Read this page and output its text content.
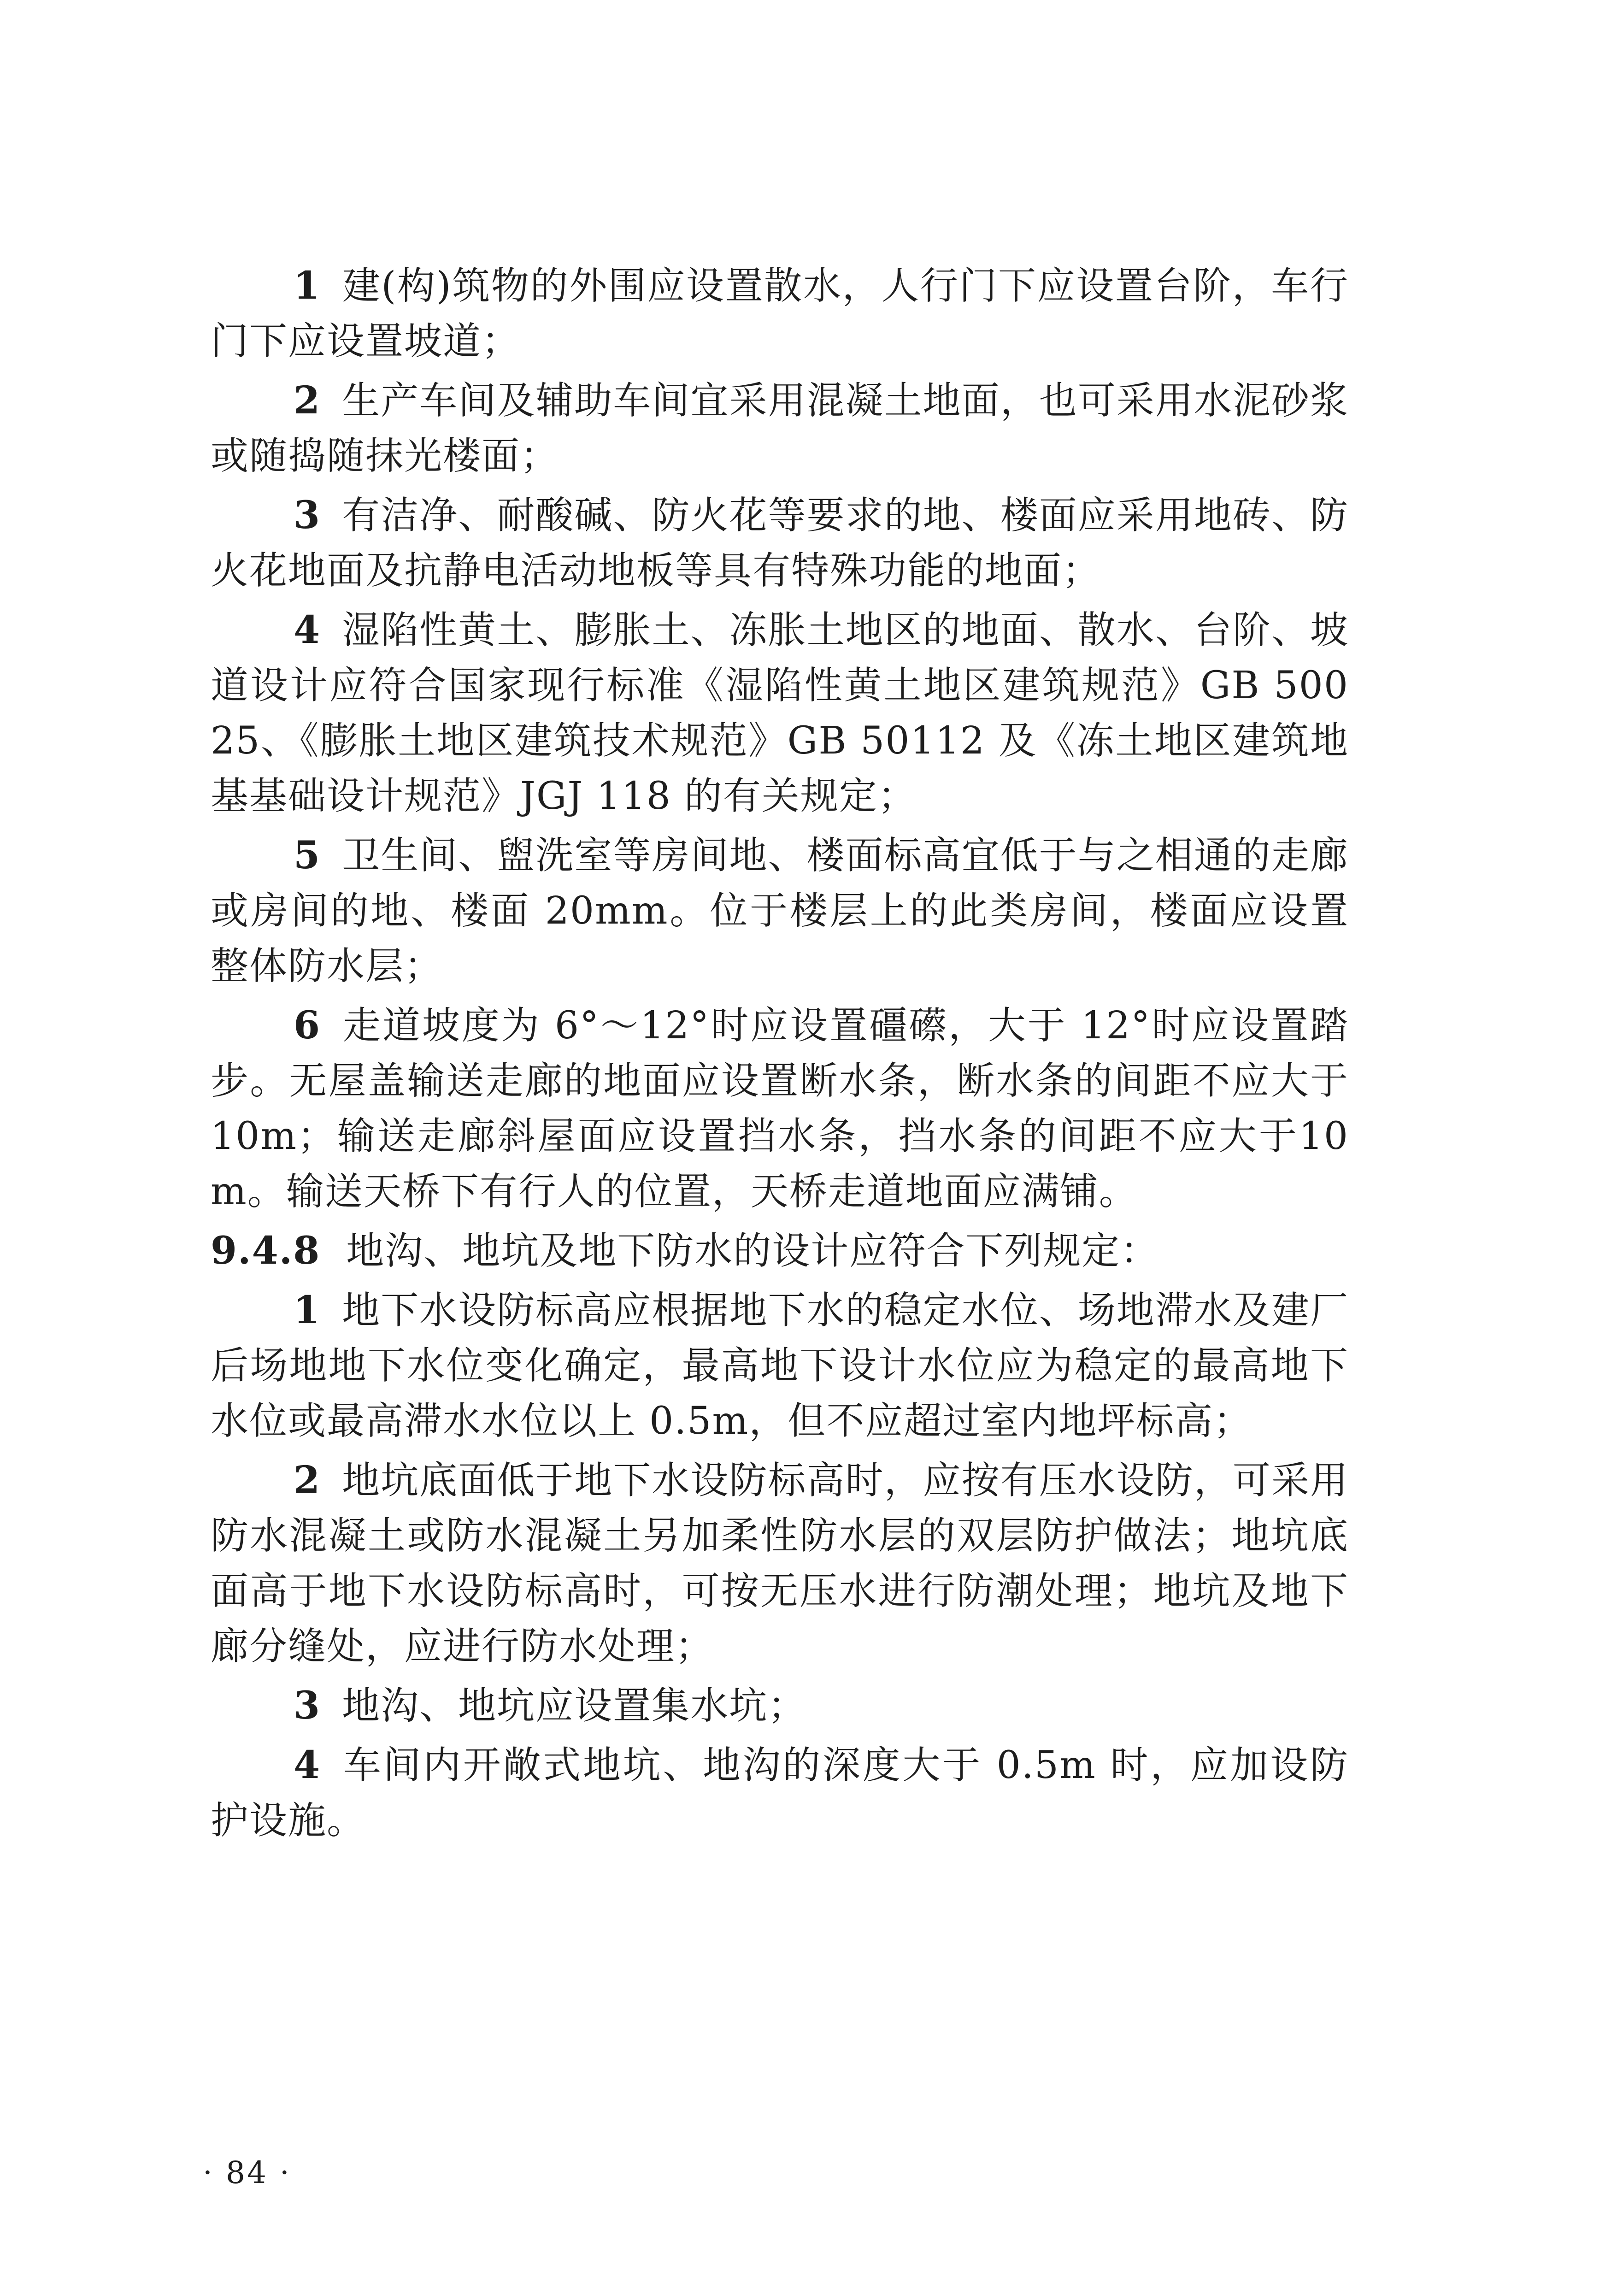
1 建(构)筑物的外围应设置散水，人行门下应设置台阶，车行门下应设置坡道；

2 生产车间及辅助车间宜采用混凝土地面，也可采用水泥砂浆或随捣随抹光楼面；

3 有洁净、耐酸碱、防火花等要求的地、楼面应采用地砖、防火花地面及抗静电活动地板等具有特殊功能的地面；

4 湿陷性黄土、膨胀土、冻胀土地区的地面、散水、台阶、坡道设计应符合国家现行标准《湿陷性黄土地区建筑规范》GB 50025、《膨胀土地区建筑技术规范》GB 50112 及《冻土地区建筑地基基础设计规范》JGJ 118 的有关规定；

5 卫生间、盥洗室等房间地、楼面标高宜低于与之相通的走廊或房间的地、楼面 20mm。位于楼层上的此类房间，楼面应设置整体防水层；

6 走道坡度为 6°～12°时应设置礓礤，大于 12°时应设置踏步。无屋盖输送走廊的地面应设置断水条，断水条的间距不应大于 10m；输送走廊斜屋面应设置挡水条，挡水条的间距不应大于10m。输送天桥下有行人的位置，天桥走道地面应满铺。

9.4.8 地沟、地坑及地下防水的设计应符合下列规定：

1 地下水设防标高应根据地下水的稳定水位、场地滞水及建厂后场地地下水位变化确定，最高地下设计水位应为稳定的最高地下水位或最高滞水水位以上 0.5m，但不应超过室内地坪标高；

2 地坑底面低于地下水设防标高时，应按有压水设防，可采用防水混凝土或防水混凝土另加柔性防水层的双层防护做法；地坑底面高于地下水设防标高时，可按无压水进行防潮处理；地坑及地下廊分缝处，应进行防水处理；

3 地沟、地坑应设置集水坑；

4 车间内开敞式地坑、地沟的深度大于 0.5m 时，应加设防护设施。

· 84 ·
